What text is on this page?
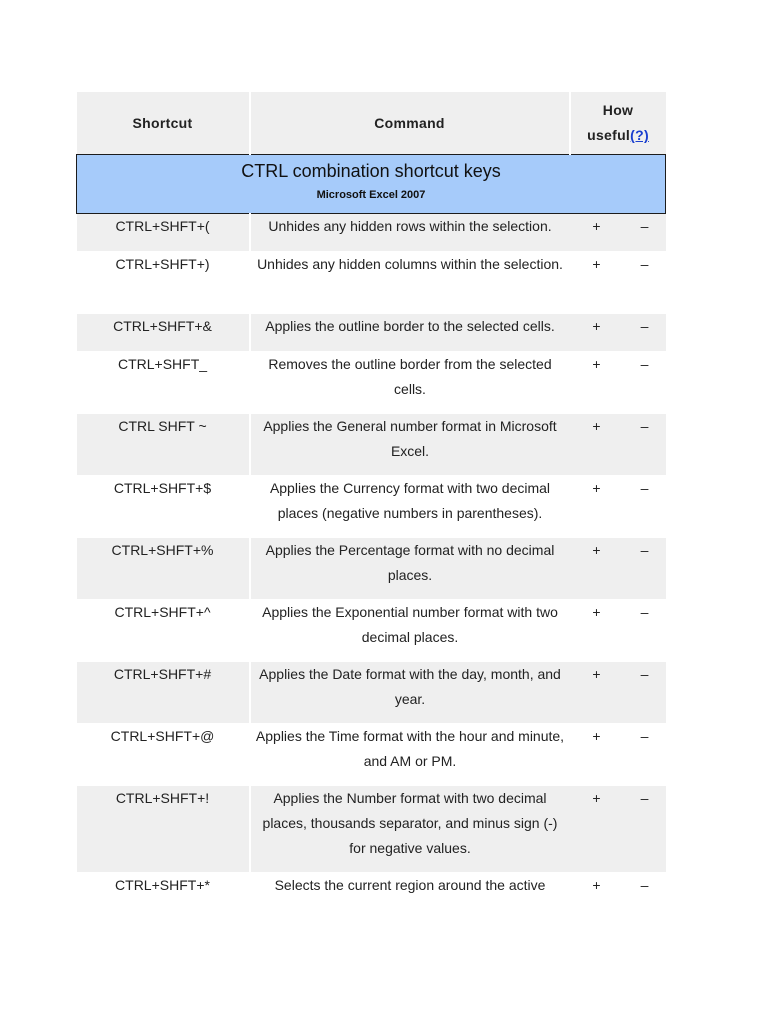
Shortcut	Command	How useful(?)	

CTRL combination shortcut keys
Microsoft Excel 2007			

CTRL+SHFT+(	Unhides any hidden rows within the selection.	+	–
CTRL+SHFT+)	Unhides any hidden columns within the selection.	+	–
CTRL+SHFT+&	Applies the outline border to the selected cells.	+	–
CTRL+SHFT_	Removes the outline border from the selected cells.	+	–
CTRL SHFT ~	Applies the General number format in Microsoft Excel.	+	–
CTRL+SHFT+$	Applies the Currency format with two decimal places (negative numbers in parentheses).	+	–
CTRL+SHFT+%	Applies the Percentage format with no decimal places.	+	–
CTRL+SHFT+^	Applies the Exponential number format with two decimal places.	+	–
CTRL+SHFT+#	Applies the Date format with the day, month, and year.	+	–
CTRL+SHFT+@	Applies the Time format with the hour and minute, and AM or PM.	+	–
CTRL+SHFT+!	Applies the Number format with two decimal places, thousands separator, and minus sign (-) for negative values.	+	–
CTRL+SHFT+*	Selects the current region around the active	+	–
